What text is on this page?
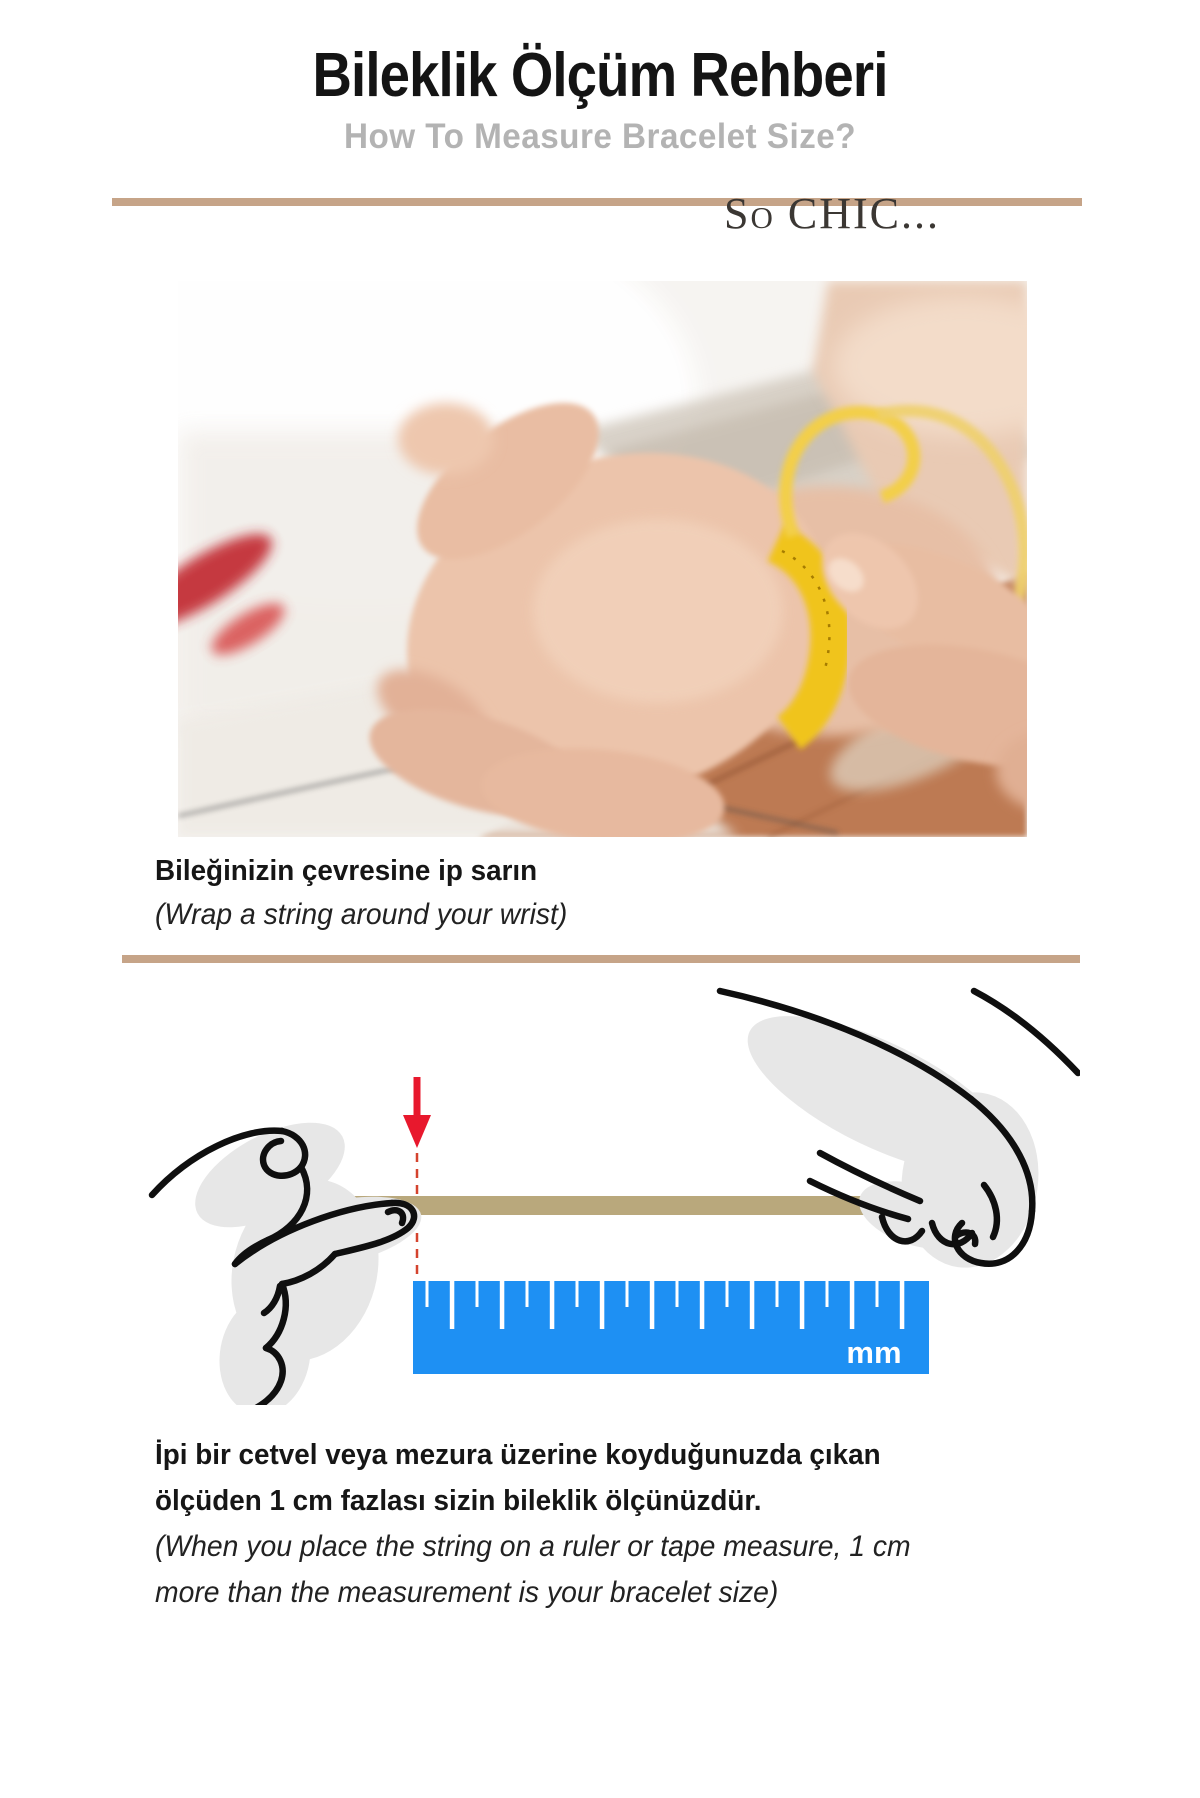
Bileklik Ölçüm Rehberi
How To Measure Bracelet Size?
So CHIC...
Bileğinizin çevresine ip sarın
(Wrap a string around your wrist)
mm
İpi bir cetvel veya mezura üzerine koyduğunuzda çıkan
ölçüden 1 cm fazlası sizin bileklik ölçünüzdür.
(When you place the string on a ruler or tape measure, 1 cm
more than the measurement is your bracelet size)
